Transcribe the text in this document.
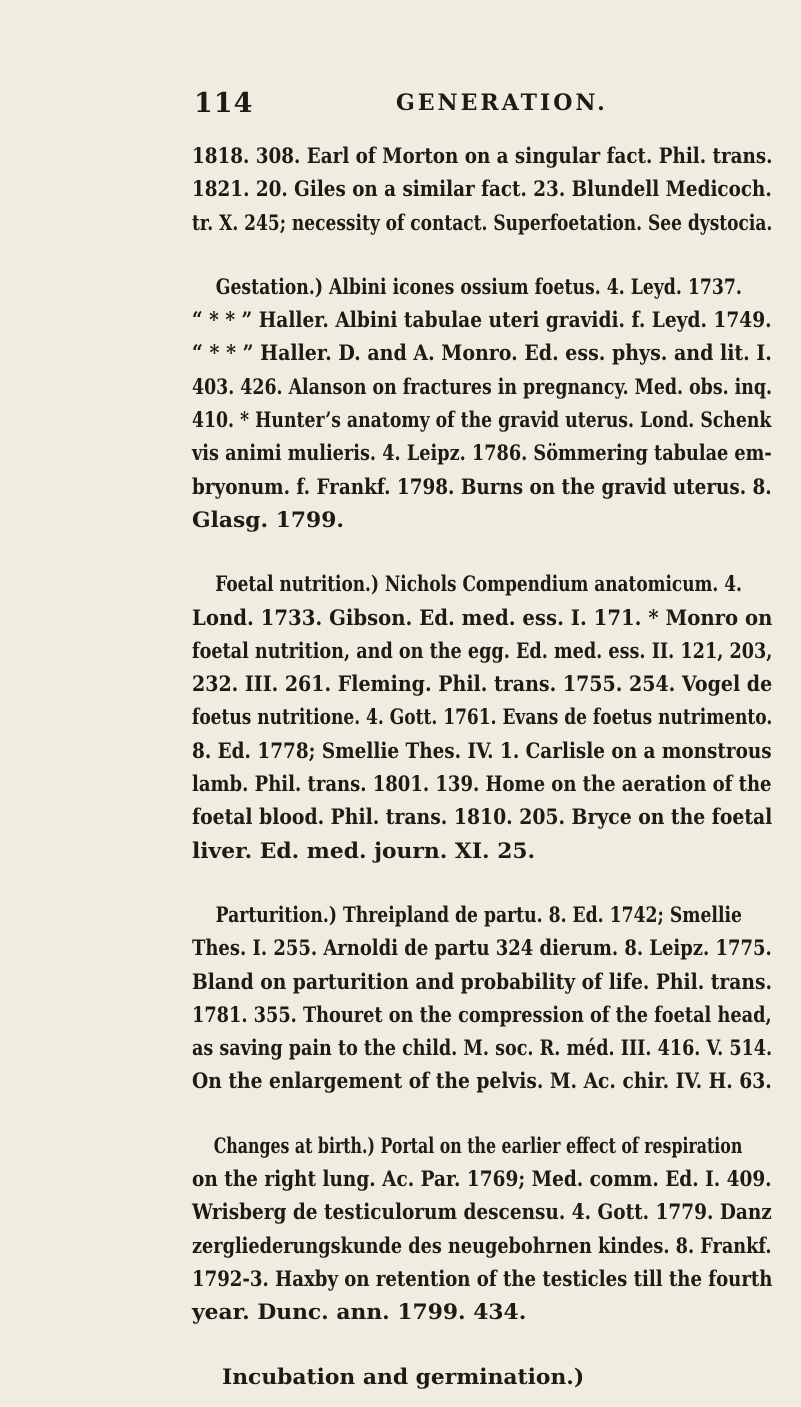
114	GENERATION.
1818. 308. Earl of Morton on a singular fact. Phil. trans.
1821. 20. Giles on a similar fact. 23. Blundell Medicoch.
tr. X. 245; necessity of contact. Superfoetation. See dystocia.
Gestation.) Albini icones ossium foetus. 4. Leyd. 1737.
“ * * ” Haller. Albini tabulae uteri gravidi. f. Leyd. 1749.
“ * * ” Haller. D. and A. Monro. Ed. ess. phys. and lit. I.
403. 426. Alanson on fractures in pregnancy. Med. obs. inq.
410. * Hunter’s anatomy of the gravid uterus. Lond. Schenk
vis animi mulieris. 4. Leipz. 1786. Sömmering tabulae em-
bryonum. f. Frankf. 1798. Burns on the gravid uterus. 8.
Glasg. 1799.
Foetal nutrition.) Nichols Compendium anatomicum. 4.
Lond. 1733. Gibson. Ed. med. ess. I. 171. * Monro on
foetal nutrition, and on the egg. Ed. med. ess. II. 121, 203,
232. III. 261. Fleming. Phil. trans. 1755. 254. Vogel de
foetus nutritione. 4. Gott. 1761. Evans de foetus nutrimento.
8. Ed. 1778; Smellie Thes. IV. 1. Carlisle on a monstrous
lamb. Phil. trans. 1801. 139. Home on the aeration of the
foetal blood. Phil. trans. 1810. 205. Bryce on the foetal
liver. Ed. med. journ. XI. 25.
Parturition.) Threipland de partu. 8. Ed. 1742; Smellie
Thes. I. 255. Arnoldi de partu 324 dierum. 8. Leipz. 1775.
Bland on parturition and probability of life. Phil. trans.
1781. 355. Thouret on the compression of the foetal head,
as saving pain to the child. M. soc. R. méd. III. 416. V. 514.
On the enlargement of the pelvis. M. Ac. chir. IV. H. 63.
Changes at birth.) Portal on the earlier effect of respiration
on the right lung. Ac. Par. 1769; Med. comm. Ed. I. 409.
Wrisberg de testiculorum descensu. 4. Gott. 1779. Danz
zergliederungskunde des neugebohrnen kindes. 8. Frankf.
1792-3. Haxby on retention of the testicles till the fourth
year. Dunc. ann. 1799. 434.
Incubation and germination.)
